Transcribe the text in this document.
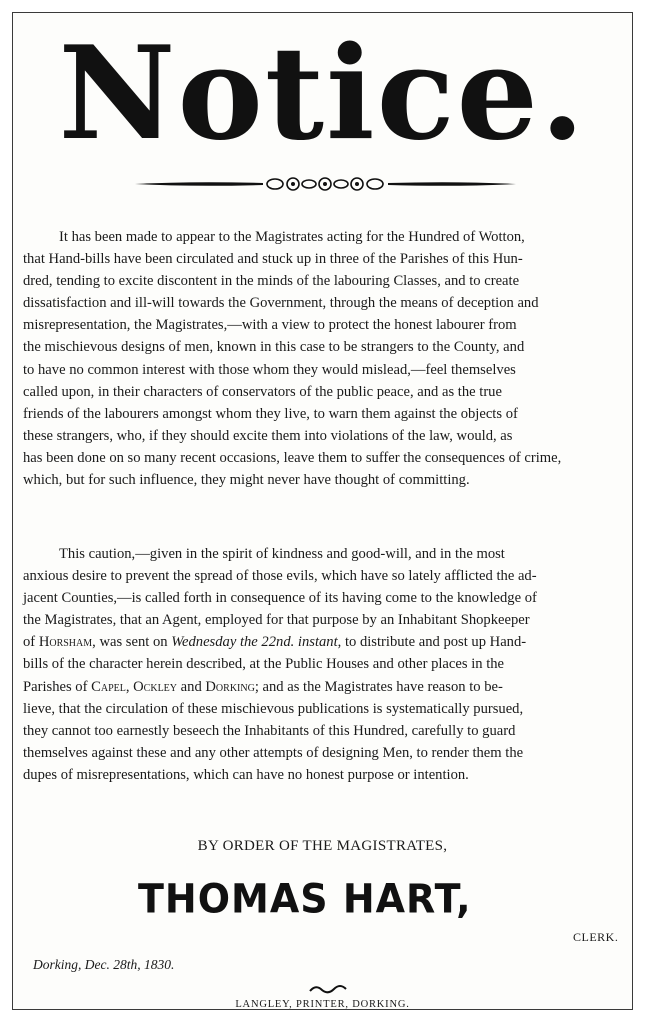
Notice.
It has been made to appear to the Magistrates acting for the Hundred of Wotton,
that Hand-bills have been circulated and stuck up in three of the Parishes of this Hun-
dred, tending to excite discontent in the minds of the labouring Classes, and to create
dissatisfaction and ill-will towards the Government, through the means of deception and
misrepresentation, the Magistrates,—with a view to protect the honest labourer from
the mischievous designs of men, known in this case to be strangers to the County, and
to have no common interest with those whom they would mislead,—feel themselves
called upon, in their characters of conservators of the public peace, and as the true
friends of the labourers amongst whom they live, to warn them against the objects of
these strangers, who, if they should excite them into violations of the law, would, as
has been done on so many recent occasions, leave them to suffer the consequences of crime,
which, but for such influence, they might never have thought of committing.
This caution,—given in the spirit of kindness and good-will, and in the most
anxious desire to prevent the spread of those evils, which have so lately afflicted the ad-
jacent Counties,—is called forth in consequence of its having come to the knowledge of
the Magistrates, that an Agent, employed for that purpose by an Inhabitant Shopkeeper
of Horsham, was sent on Wednesday the 22nd. instant, to distribute and post up Hand-
bills of the character herein described, at the Public Houses and other places in the
Parishes of Capel, Ockley and Dorking; and as the Magistrates have reason to be-
lieve, that the circulation of these mischievous publications is systematically pursued,
they cannot too earnestly beseech the Inhabitants of this Hundred, carefully to guard
themselves against these and any other attempts of designing Men, to render them the
dupes of misrepresentations, which can have no honest purpose or intention.
BY ORDER OF THE MAGISTRATES,
THOMAS HART,
CLERK.
Dorking, Dec. 28th, 1830.
LANGLEY, PRINTER, DORKING.
